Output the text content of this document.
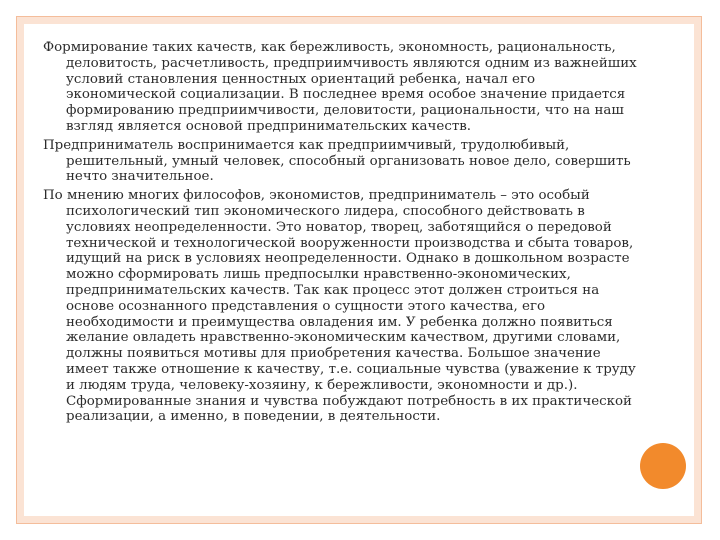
Формирование таких качеств, как бережливость, экономность, рациональность, деловитость, расчетливость, предприимчивость являются одним из важнейших условий становления ценностных ориентаций ребенка, начал его экономической социализации. В последнее время особое значение придается формированию предприимчивости, деловитости, рациональности, что на наш взгляд является основой предпринимательских качеств.

Предприниматель воспринимается как предприимчивый, трудолюбивый, решительный, умный человек, способный организовать новое дело, совершить нечто значительное.

По мнению многих философов, экономистов, предприниматель – это особый психологический тип экономического лидера, способного действовать в условиях неопределенности. Это новатор, творец, заботящийся о передовой технической и технологической вооруженности производства и сбыта товаров, идущий на риск в условиях неопределенности. Однако в дошкольном возрасте можно сформировать лишь предпосылки нравственно-экономических, предпринимательских качеств. Так как процесс этот должен строиться на основе осознанного представления о сущности этого качества, его необходимости и преимущества овладения им. У ребенка должно появиться желание овладеть нравственно-экономическим качеством, другими словами, должны появиться мотивы для приобретения качества. Большое значение имеет также отношение к качеству, т.е. социальные чувства (уважение к труду и людям труда, человеку-хозяину, к бережливости, экономности и др.). Сформированные знания и чувства побуждают потребность в их практической реализации, а именно, в поведении, в деятельности.
